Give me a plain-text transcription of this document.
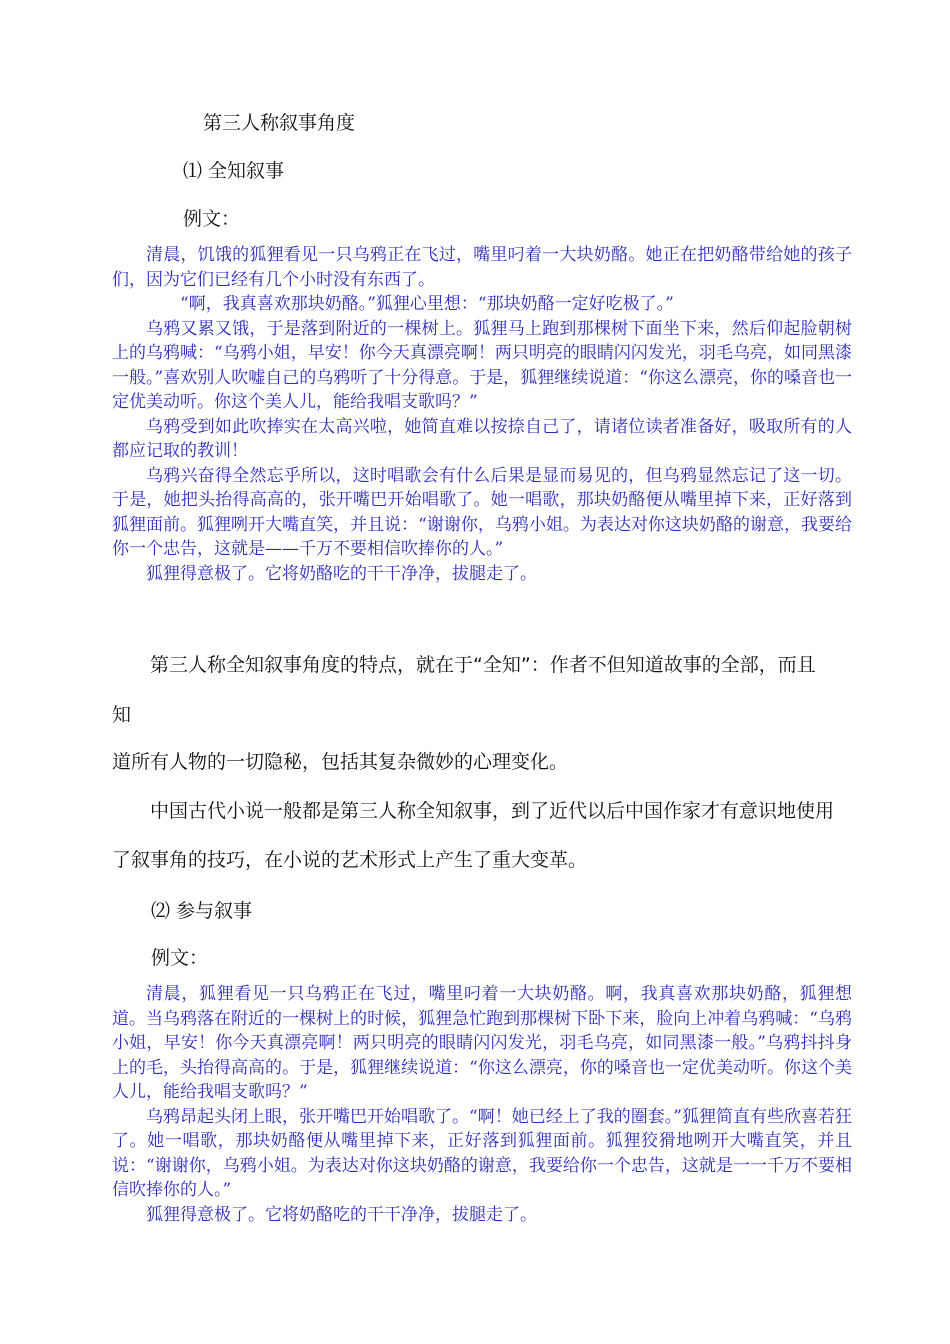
第三人称叙事角度
⑴ 全知叙事
例文：

清晨，饥饿的狐狸看见一只乌鸦正在飞过，嘴里叼着一大块奶酪。她正在把奶酪带给她的孩子们，因为它们已经有几个小时没有东西了。

“啊，我真喜欢那块奶酪。”狐狸心里想：“那块奶酪一定好吃极了。”

乌鸦又累又饿，于是落到附近的一棵树上。狐狸马上跑到那棵树下面坐下来，然后仰起脸朝树上的乌鸦喊：“乌鸦小姐，早安！你今天真漂亮啊！两只明亮的眼睛闪闪发光，羽毛乌亮，如同黑漆一般。”喜欢别人吹嘘自己的乌鸦听了十分得意。于是，狐狸继续说道：“你这么漂亮，你的嗓音也一定优美动听。你这个美人儿，能给我唱支歌吗？”

乌鸦受到如此吹捧实在太高兴啦，她简直难以按捺自己了，请诸位读者准备好，吸取所有的人都应记取的教训！

乌鸦兴奋得全然忘乎所以，这时唱歌会有什么后果是显而易见的，但乌鸦显然忘记了这一切。于是，她把头抬得高高的，张开嘴巴开始唱歌了。她一唱歌，那块奶酪便从嘴里掉下来，正好落到狐狸面前。狐狸咧开大嘴直笑，并且说：“谢谢你，乌鸦小姐。为表达对你这块奶酪的谢意，我要给你一个忠告，这就是——千万不要相信吹捧你的人。”

狐狸得意极了。它将奶酪吃的干干净净，拔腿走了。

第三人称全知叙事角度的特点，就在于“全知”：作者不但知道故事的全部，而且
知
道所有人物的一切隐秘，包括其复杂微妙的心理变化。
中国古代小说一般都是第三人称全知叙事，到了近代以后中国作家才有意识地使用
了叙事角的技巧，在小说的艺术形式上产生了重大变革。
⑵ 参与叙事
例文：

清晨，狐狸看见一只乌鸦正在飞过，嘴里叼着一大块奶酪。啊，我真喜欢那块奶酪，狐狸想道。当乌鸦落在附近的一棵树上的时候，狐狸急忙跑到那棵树下卧下来，脸向上冲着乌鸦喊：“乌鸦小姐，早安！你今天真漂亮啊！两只明亮的眼睛闪闪发光，羽毛乌亮，如同黑漆一般。”乌鸦抖抖身上的毛，头抬得高高的。于是，狐狸继续说道：“你这么漂亮，你的嗓音也一定优美动听。你这个美人儿，能给我唱支歌吗？”

乌鸦昂起头闭上眼，张开嘴巴开始唱歌了。“啊！她已经上了我的圈套。”狐狸简直有些欣喜若狂了。她一唱歌，那块奶酪便从嘴里掉下来，正好落到狐狸面前。狐狸狡猾地咧开大嘴直笑，并且说：“谢谢你，乌鸦小姐。为表达对你这块奶酪的谢意，我要给你一个忠告，这就是一一千万不要相信吹捧你的人。”

狐狸得意极了。它将奶酪吃的干干净净，拔腿走了。
